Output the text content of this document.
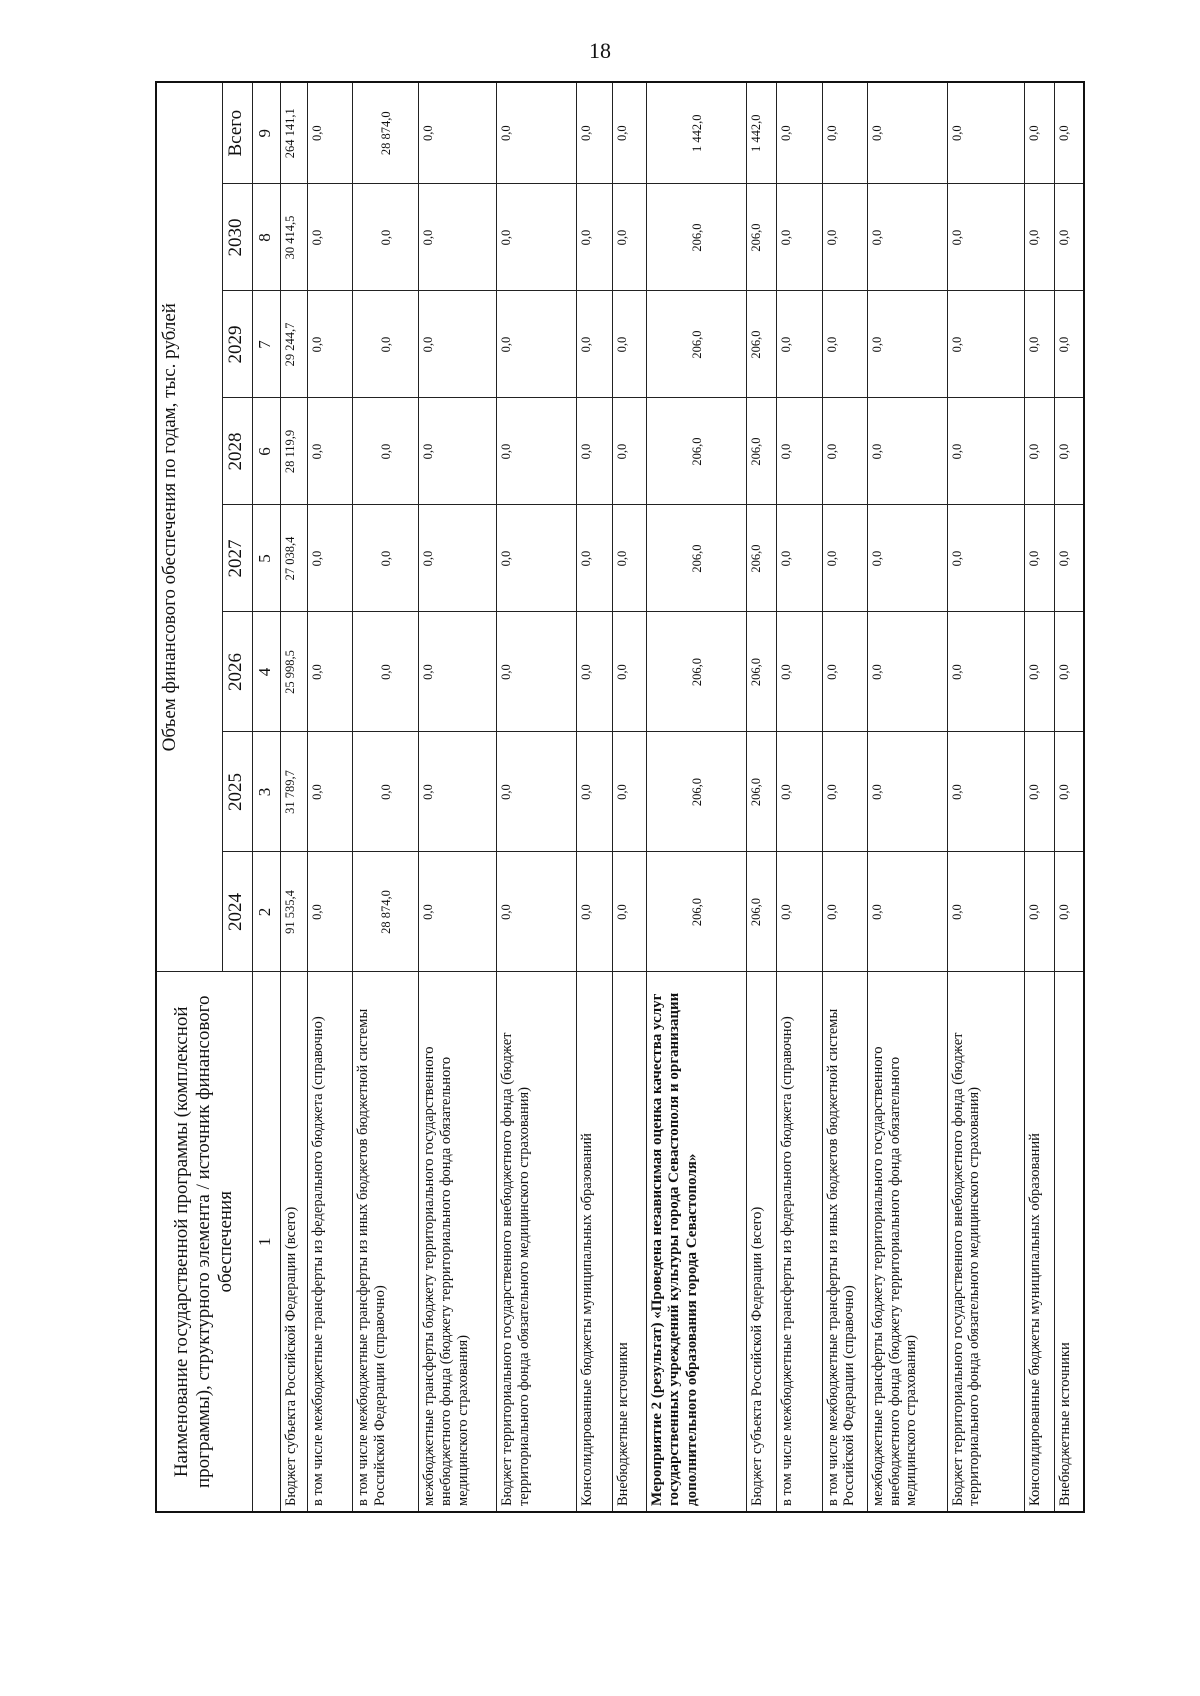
18
Наименование государственной программы (комплексной программы), структурного элемента / источник финансового обеспечения	Объем финансового обеспечения по годам, тыс. рублей							
	2024	2025	2026	2027	2028	2029	2030	Всего
1	2	3	4	5	6	7	8	9
Бюджет субъекта Российской Федерации (всего)	91 535,4	31 789,7	25 998,5	27 038,4	28 119,9	29 244,7	30 414,5	264 141,1
в том числе межбюджетные трансферты из федерального бюджета (справочно)	0,0	0,0	0,0	0,0	0,0	0,0	0,0	0,0
в том числе межбюджетные трансферты из иных бюджетов бюджетной системы Российской Федерации (справочно)	28 874,0	0,0	0,0	0,0	0,0	0,0	0,0	28 874,0
межбюджетные трансферты бюджету территориального государственного внебюджетного фонда (бюджету территориального фонда обязательного медицинского страхования)	0,0	0,0	0,0	0,0	0,0	0,0	0,0	0,0
Бюджет территориального государственного внебюджетного фонда (бюджет территориального фонда обязательного медицинского страхования)	0,0	0,0	0,0	0,0	0,0	0,0	0,0	0,0
Консолидированные бюджеты муниципальных образований	0,0	0,0	0,0	0,0	0,0	0,0	0,0	0,0
Внебюджетные источники	0,0	0,0	0,0	0,0	0,0	0,0	0,0	0,0
Мероприятие 2 (результат) «Проведена независимая оценка качества услуг государственных учреждений культуры города Севастополя и организации дополнительного образования города Севастополя»	206,0	206,0	206,0	206,0	206,0	206,0	206,0	1 442,0
Бюджет субъекта Российской Федерации (всего)	206,0	206,0	206,0	206,0	206,0	206,0	206,0	1 442,0
в том числе межбюджетные трансферты из федерального бюджета (справочно)	0,0	0,0	0,0	0,0	0,0	0,0	0,0	0,0
в том числе межбюджетные трансферты из иных бюджетов бюджетной системы Российской Федерации (справочно)	0,0	0,0	0,0	0,0	0,0	0,0	0,0	0,0
межбюджетные трансферты бюджету территориального государственного внебюджетного фонда (бюджету территориального фонда обязательного медицинского страхования)	0,0	0,0	0,0	0,0	0,0	0,0	0,0	0,0
Бюджет территориального государственного внебюджетного фонда (бюджет территориального фонда обязательного медицинского страхования)	0,0	0,0	0,0	0,0	0,0	0,0	0,0	0,0
Консолидированные бюджеты муниципальных образований	0,0	0,0	0,0	0,0	0,0	0,0	0,0	0,0
Внебюджетные источники	0,0	0,0	0,0	0,0	0,0	0,0	0,0	0,0
